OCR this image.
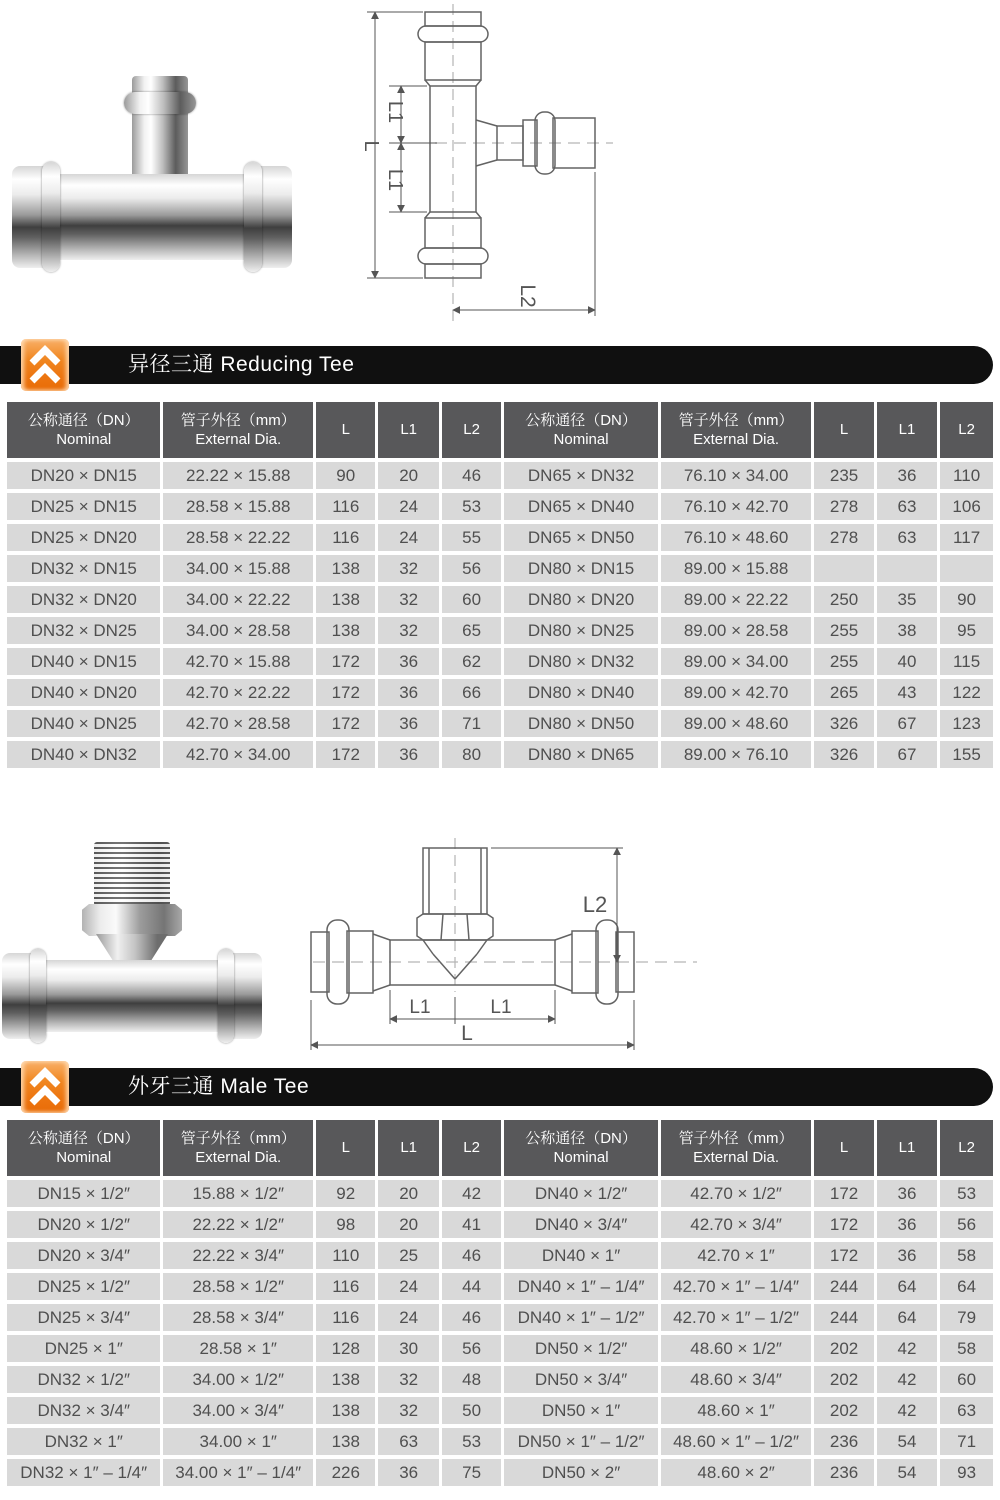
L1
L
L1
L2
异径三通 Reducing Tee
公称通径（DN）
Nominal

管子外径（mm）
External Dia.
	L	L1	L2	
公称通径（DN）
Nominal

管子外径（mm）
External Dia.
	L	L1	L2
DN20 × DN15	22.22 × 15.88	90	20	46	DN65 × DN32	76.10 × 34.00	235	36	110
DN25 × DN15	28.58 × 15.88	116	24	53	DN65 × DN40	76.10 × 42.70	278	63	106
DN25 × DN20	28.58 × 22.22	116	24	55	DN65 × DN50	76.10 × 48.60	278	63	117
DN32 × DN15	34.00 × 15.88	138	32	56	DN80 × DN15	89.00 × 15.88			
DN32 × DN20	34.00 × 22.22	138	32	60	DN80 × DN20	89.00 × 22.22	250	35	90
DN32 × DN25	34.00 × 28.58	138	32	65	DN80 × DN25	89.00 × 28.58	255	38	95
DN40 × DN15	42.70 × 15.88	172	36	62	DN80 × DN32	89.00 × 34.00	255	40	115
DN40 × DN20	42.70 × 22.22	172	36	66	DN80 × DN40	89.00 × 42.70	265	43	122
DN40 × DN25	42.70 × 28.58	172	36	71	DN80 × DN50	89.00 × 48.60	326	67	123
DN40 × DN32	42.70 × 34.00	172	36	80	DN80 × DN65	89.00 × 76.10	326	67	155
L2
L1	L1
L
外牙三通 Male Tee
公称通径（DN）
Nominal

管子外径（mm）
External Dia.
	L	L1	L2	
公称通径（DN）
Nominal

管子外径（mm）
External Dia.
	L	L1	L2
DN15 × 1/2″	15.88 × 1/2″	92	20	42	DN40 × 1/2″	42.70 × 1/2″	172	36	53
DN20 × 1/2″	22.22 × 1/2″	98	20	41	DN40 × 3/4″	42.70 × 3/4″	172	36	56
DN20 × 3/4″	22.22 × 3/4″	110	25	46	DN40 × 1″	42.70 × 1″	172	36	58
DN25 × 1/2″	28.58 × 1/2″	116	24	44	DN40 × 1″ – 1/4″	42.70 × 1″ – 1/4″	244	64	64
DN25 × 3/4″	28.58 × 3/4″	116	24	46	DN40 × 1″ – 1/2″	42.70 × 1″ – 1/2″	244	64	79
DN25 × 1″	28.58 × 1″	128	30	56	DN50 × 1/2″	48.60 × 1/2″	202	42	58
DN32 × 1/2″	34.00 × 1/2″	138	32	48	DN50 × 3/4″	48.60 × 3/4″	202	42	60
DN32 × 3/4″	34.00 × 3/4″	138	32	50	DN50 × 1″	48.60 × 1″	202	42	63
DN32 × 1″	34.00 × 1″	138	63	53	DN50 × 1″ – 1/2″	48.60 × 1″ – 1/2″	236	54	71
DN32 × 1″ – 1/4″	34.00 × 1″ – 1/4″	226	36	75	DN50 × 2″	48.60 × 2″	236	54	93
